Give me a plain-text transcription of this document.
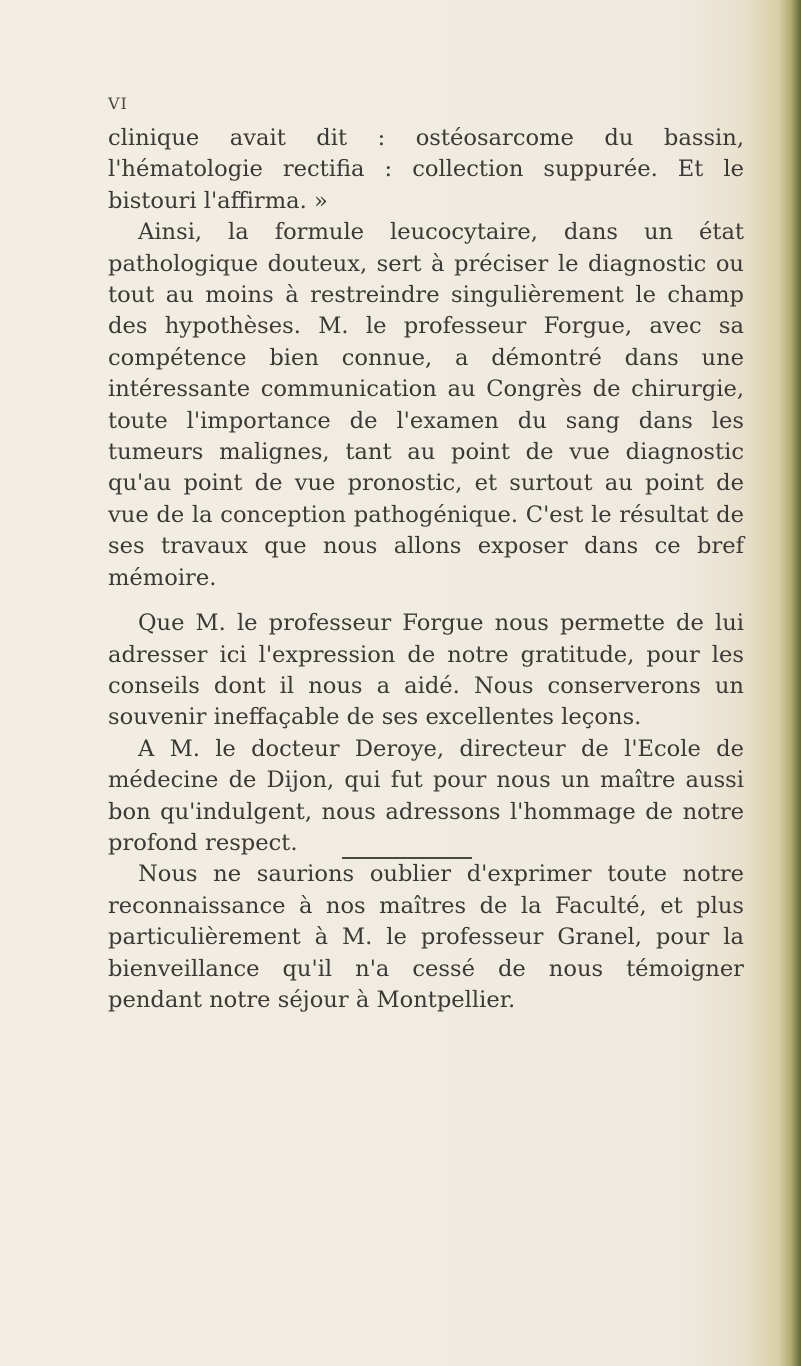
VI

clinique avait dit : ostéosarcome du bassin, l'hématologie rectifia : collection suppurée. Et le bistouri l'affirma. »

Ainsi, la formule leucocytaire, dans un état pathologique douteux, sert à préciser le diagnostic ou tout au moins à restreindre singulièrement le champ des hypothèses. M. le professeur Forgue, avec sa compétence bien connue, a démontré dans une intéressante communication au Congrès de chirurgie, toute l'importance de l'examen du sang dans les tumeurs malignes, tant au point de vue diagnostic qu'au point de vue pronostic, et surtout au point de vue de la conception pathogénique. C'est le résultat de ses travaux que nous allons exposer dans ce bref mémoire.

Que M. le professeur Forgue nous permette de lui adresser ici l'expression de notre gratitude, pour les conseils dont il nous a aidé. Nous conserverons un souvenir ineffaçable de ses excellentes leçons.

A M. le docteur Deroye, directeur de l'Ecole de médecine de Dijon, qui fut pour nous un maître aussi bon qu'indulgent, nous adressons l'hommage de notre profond respect.

Nous ne saurions oublier d'exprimer toute notre reconnaissance à nos maîtres de la Faculté, et plus particulièrement à M. le professeur Granel, pour la bienveillance qu'il n'a cessé de nous témoigner pendant notre séjour à Montpellier.
